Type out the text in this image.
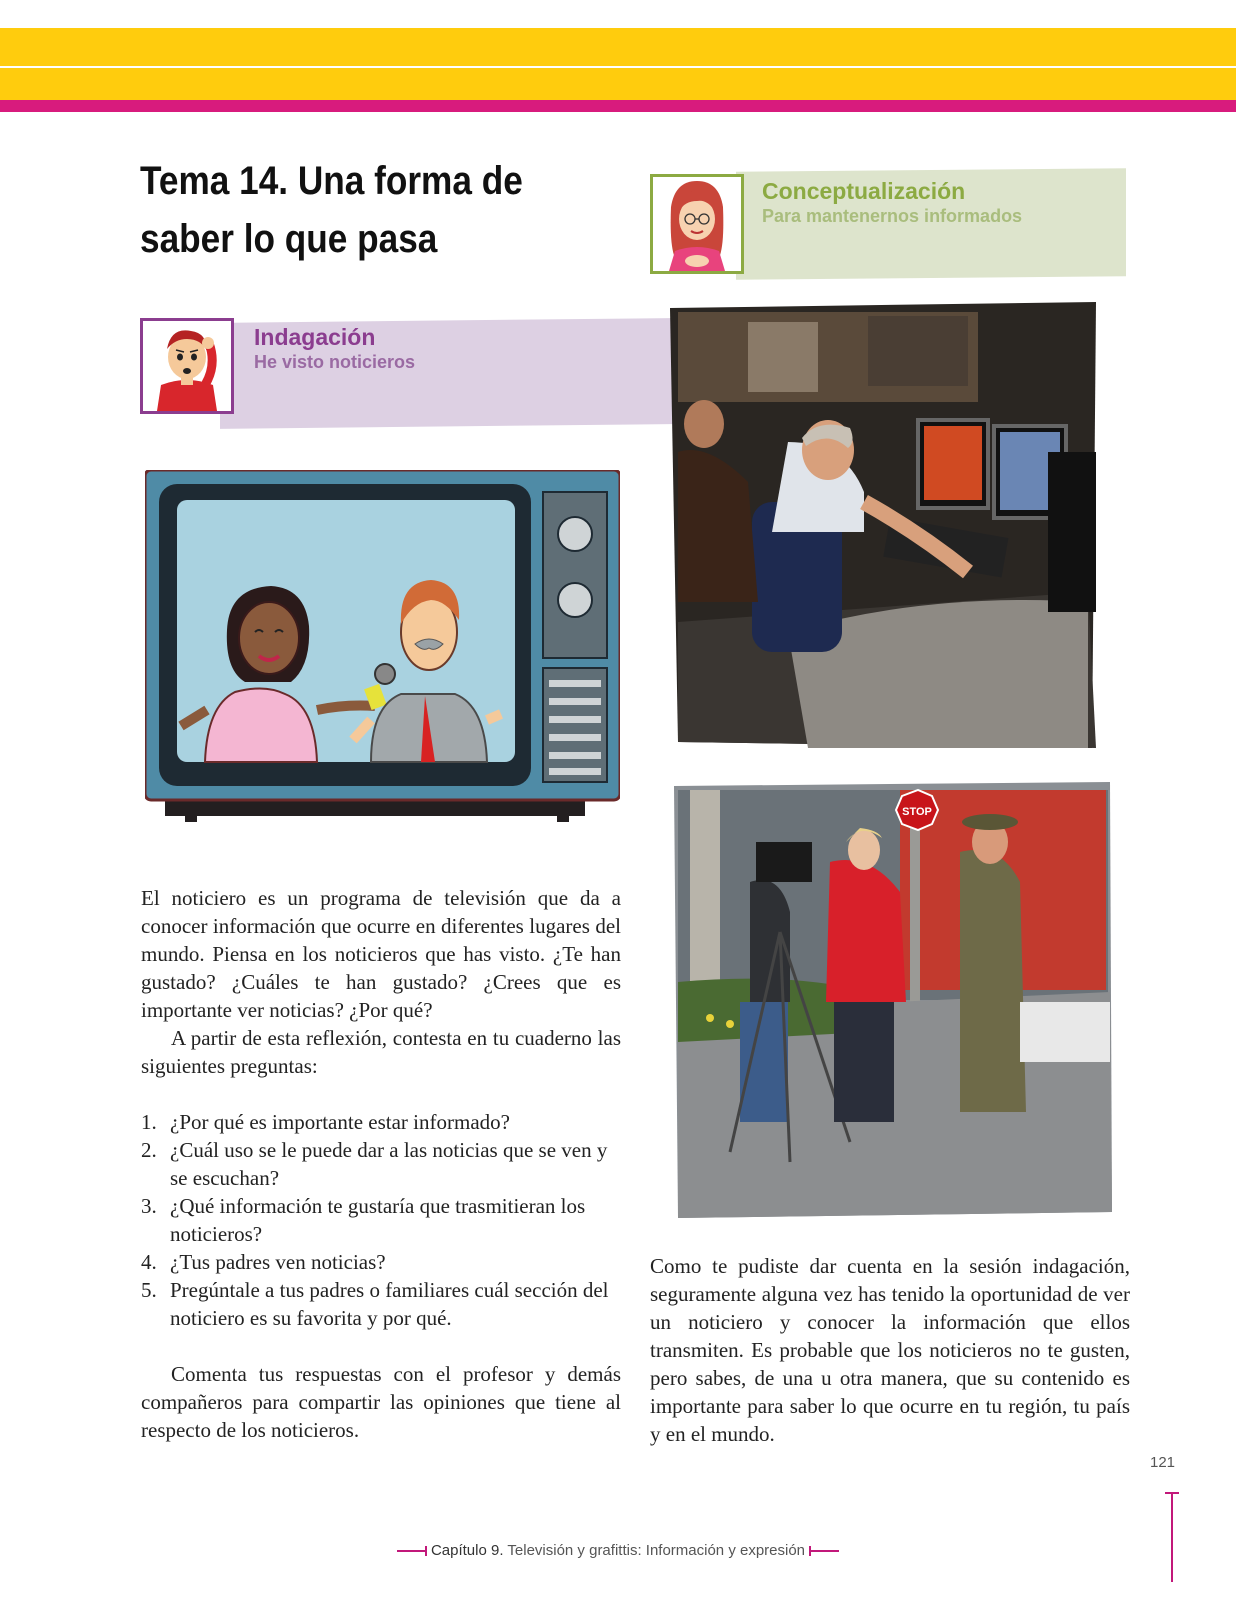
Tema 14. Una forma de
saber lo que pasa
Indagación
He visto noticieros
Conceptualización
Para mantenernos informados
STOP

El noticiero es un programa de televisión que da a conocer información que ocurre en diferentes lugares del mundo. Piensa en los noticieros que has visto. ¿Te han gustado? ¿Cuáles te han gustado? ¿Crees que es importante ver noticias? ¿Por qué?

A partir de esta reflexión, contesta en tu cuaderno las siguientes preguntas:

1. ¿Por qué es importante estar informado?
2. ¿Cuál uso se le puede dar a las noticias que se ven y se escuchan?
3. ¿Qué información te gustaría que trasmitieran los noticieros?
4. ¿Tus padres ven noticias?
5. Pregúntale a tus padres o familiares cuál sección del noticiero es su favorita y por qué.

Comenta tus respuestas con el profesor y demás compañeros para compartir las opiniones que tiene al respecto de los noticieros.

Como te pudiste dar cuenta en la sesión indagación, seguramente alguna vez has tenido la oportunidad de ver un noticiero y conocer la información que ellos transmiten. Es probable que los noticieros no te gusten, pero sabes, de una u otra manera, que su contenido es importante para saber lo que ocurre en tu región, tu país y en el mundo.

121
Capítulo 9. Televisión y grafittis: Información y expresión
